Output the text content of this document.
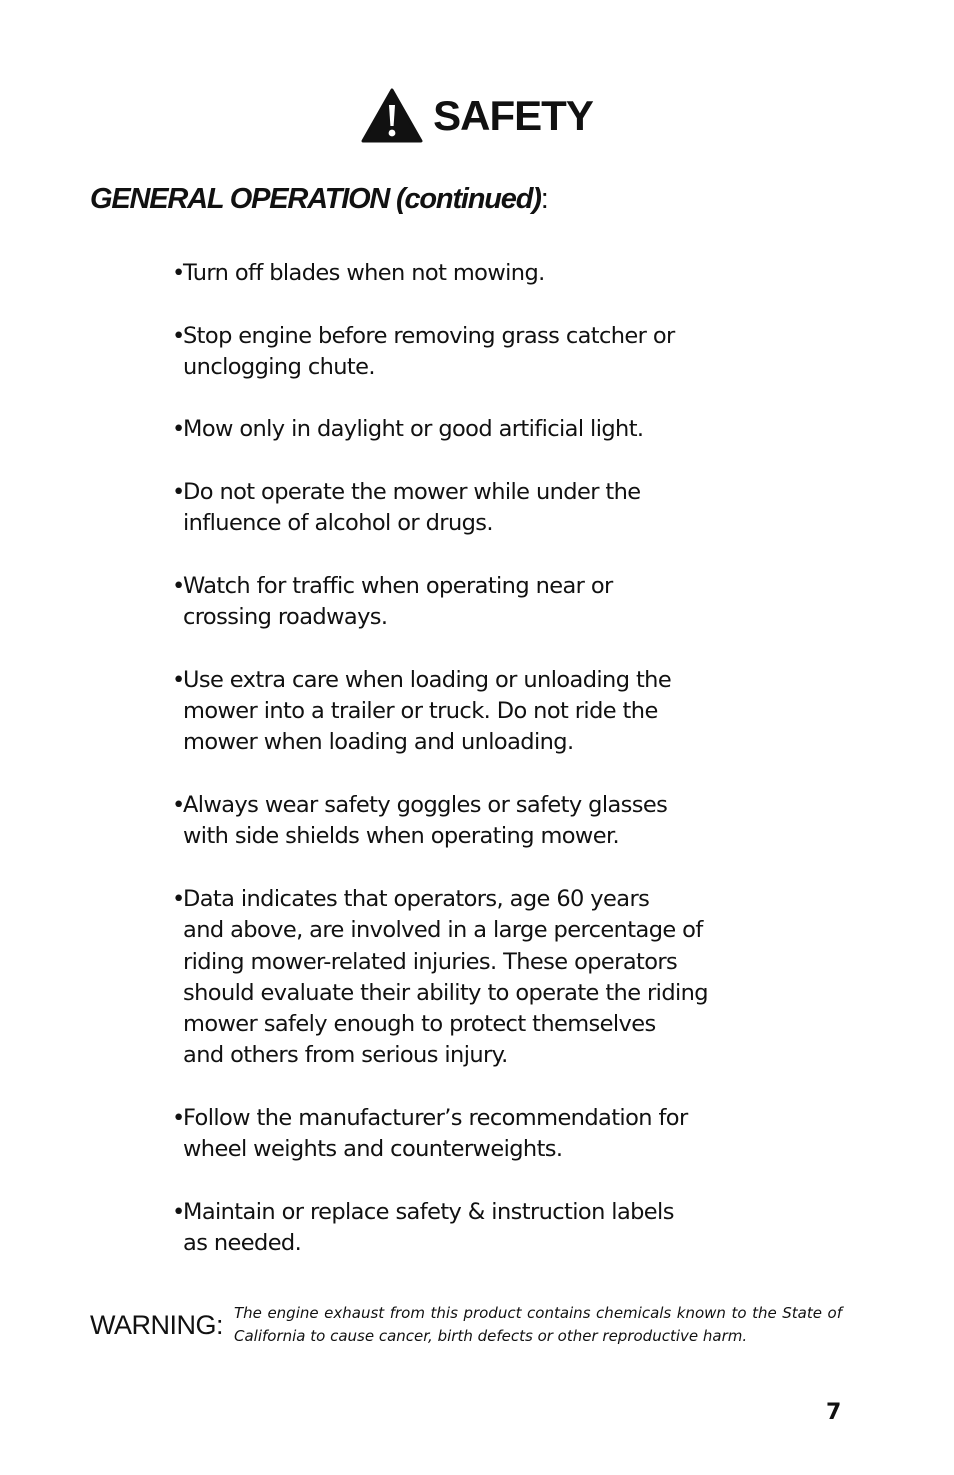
SAFETY
GENERAL OPERATION (continued):
•
Turn off blades when not mowing.
•
Stop engine before removing grass catcher or
unclogging chute.
•
Mow only in daylight or good artificial light.
•
Do not operate the mower while under the
influence of alcohol or drugs.
•
Watch for traffic when operating near or
crossing roadways.
•
Use extra care when loading or unloading the
mower into a trailer or truck. Do not ride the
mower when loading and unloading.
•
Always wear safety goggles or safety glasses
with side shields when operating mower.
•
Data indicates that operators, age 60 years
and above, are involved in a large percentage of
riding mower-related injuries. These operators
should evaluate their ability to operate the riding
mower safely enough to protect themselves
and others from serious injury.
•
Follow the manufacturer’s recommendation for
wheel weights and counterweights.
•
Maintain or replace safety & instruction labels
as needed.
WARNING: The engine exhaust from this product contains chemicals known to the State of California to cause cancer, birth defects or other reproductive harm.

7
